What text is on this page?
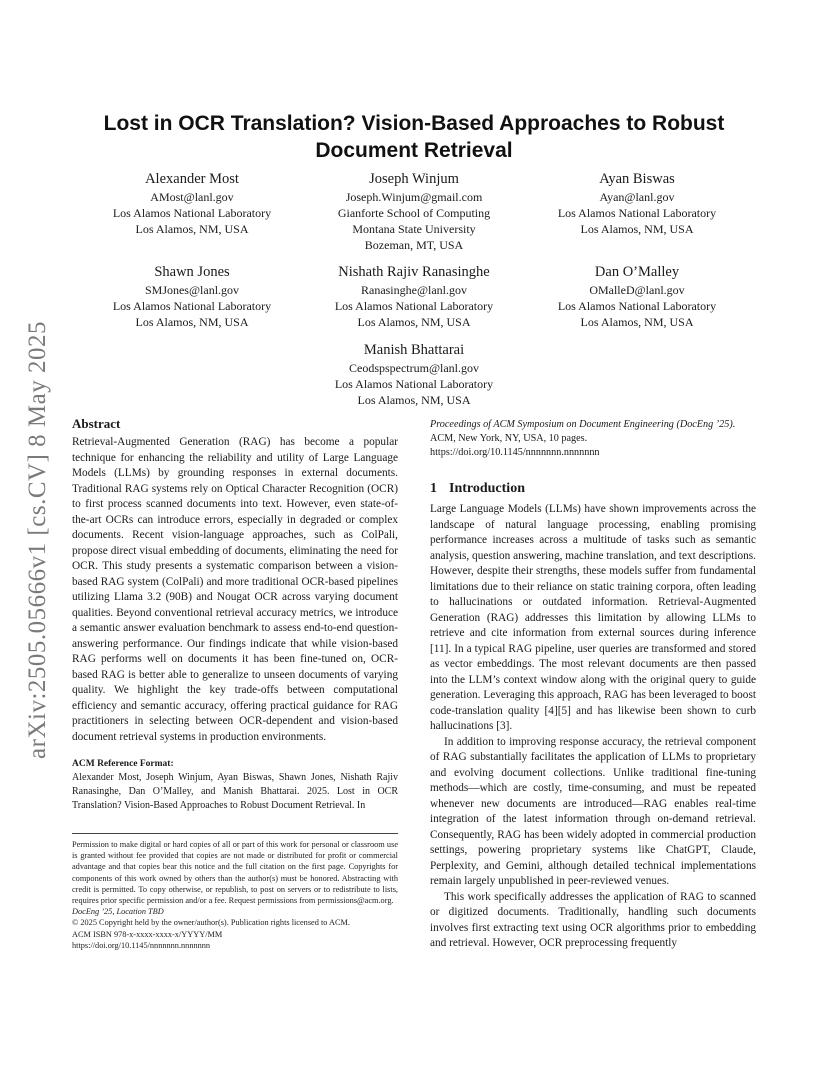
arXiv:2505.05666v1 [cs.CV] 8 May 2025
Lost in OCR Translation? Vision-Based Approaches to Robust
Document Retrieval
Alexander Most
AMost@lanl.gov
Los Alamos National Laboratory
Los Alamos, NM, USA
Joseph Winjum
Joseph.Winjum@gmail.com
Gianforte School of Computing
Montana State University
Bozeman, MT, USA
Ayan Biswas
Ayan@lanl.gov
Los Alamos National Laboratory
Los Alamos, NM, USA
Shawn Jones
SMJones@lanl.gov
Los Alamos National Laboratory
Los Alamos, NM, USA
Nishath Rajiv Ranasinghe
Ranasinghe@lanl.gov
Los Alamos National Laboratory
Los Alamos, NM, USA
Dan O’Malley
OMalleD@lanl.gov
Los Alamos National Laboratory
Los Alamos, NM, USA
Manish Bhattarai
Ceodspspectrum@lanl.gov
Los Alamos National Laboratory
Los Alamos, NM, USA
Abstract

Retrieval-Augmented Generation (RAG) has become a popular technique for enhancing the reliability and utility of Large Language Models (LLMs) by grounding responses in external documents. Traditional RAG systems rely on Optical Character Recognition (OCR) to first process scanned documents into text. However, even state-of-the-art OCRs can introduce errors, especially in degraded or complex documents. Recent vision-language approaches, such as ColPali, propose direct visual embedding of documents, eliminating the need for OCR. This study presents a systematic comparison between a vision-based RAG system (ColPali) and more traditional OCR-based pipelines utilizing Llama 3.2 (90B) and Nougat OCR across varying document qualities. Beyond conventional retrieval accuracy metrics, we introduce a semantic answer evaluation benchmark to assess end-to-end question-answering performance. Our findings indicate that while vision-based RAG performs well on documents it has been fine-tuned on, OCR-based RAG is better able to generalize to unseen documents of varying quality. We highlight the key trade-offs between computational efficiency and semantic accuracy, offering practical guidance for RAG practitioners in selecting between OCR-dependent and vision-based document retrieval systems in production environments.

ACM Reference Format:

Alexander Most, Joseph Winjum, Ayan Biswas, Shawn Jones, Nishath Rajiv Ranasinghe, Dan O’Malley, and Manish Bhattarai. 2025. Lost in OCR Translation? Vision-Based Approaches to Robust Document Retrieval. In

Permission to make digital or hard copies of all or part of this work for personal or classroom use is granted without fee provided that copies are not made or distributed for profit or commercial advantage and that copies bear this notice and the full citation on the first page. Copyrights for components of this work owned by others than the author(s) must be honored. Abstracting with credit is permitted. To copy otherwise, or republish, to post on servers or to redistribute to lists, requires prior specific permission and/or a fee. Request permissions from permissions@acm.org.

DocEng ’25, Location TBD

© 2025 Copyright held by the owner/author(s). Publication rights licensed to ACM.

ACM ISBN 978-x-xxxx-xxxx-x/YYYY/MM

https://doi.org/10.1145/nnnnnnn.nnnnnnn

Proceedings of ACM Symposium on Document Engineering (DocEng ’25). ACM, New York, NY, USA, 10 pages. https://doi.org/10.1145/nnnnnnn.nnnnnnn

1 Introduction

Large Language Models (LLMs) have shown improvements across the landscape of natural language processing, enabling promising performance increases across a multitude of tasks such as semantic analysis, question answering, machine translation, and text descriptions. However, despite their strengths, these models suffer from fundamental limitations due to their reliance on static training corpora, often leading to hallucinations or outdated information. Retrieval-Augmented Generation (RAG) addresses this limitation by allowing LLMs to retrieve and cite information from external sources during inference [11]. In a typical RAG pipeline, user queries are transformed and stored as vector embeddings. The most relevant documents are then passed into the LLM’s context window along with the original query to guide generation. Leveraging this approach, RAG has been leveraged to boost code-translation quality [4][5] and has likewise been shown to curb hallucinations [3].

In addition to improving response accuracy, the retrieval component of RAG substantially facilitates the application of LLMs to proprietary and evolving document collections. Unlike traditional fine-tuning methods—which are costly, time-consuming, and must be repeated whenever new documents are introduced—RAG enables real-time integration of the latest information through on-demand retrieval. Consequently, RAG has been widely adopted in commercial production settings, powering proprietary systems like ChatGPT, Claude, Perplexity, and Gemini, although detailed technical implementations remain largely unpublished in peer-reviewed venues.

This work specifically addresses the application of RAG to scanned or digitized documents. Traditionally, handling such documents involves first extracting text using OCR algorithms prior to embedding and retrieval. However, OCR preprocessing frequently
